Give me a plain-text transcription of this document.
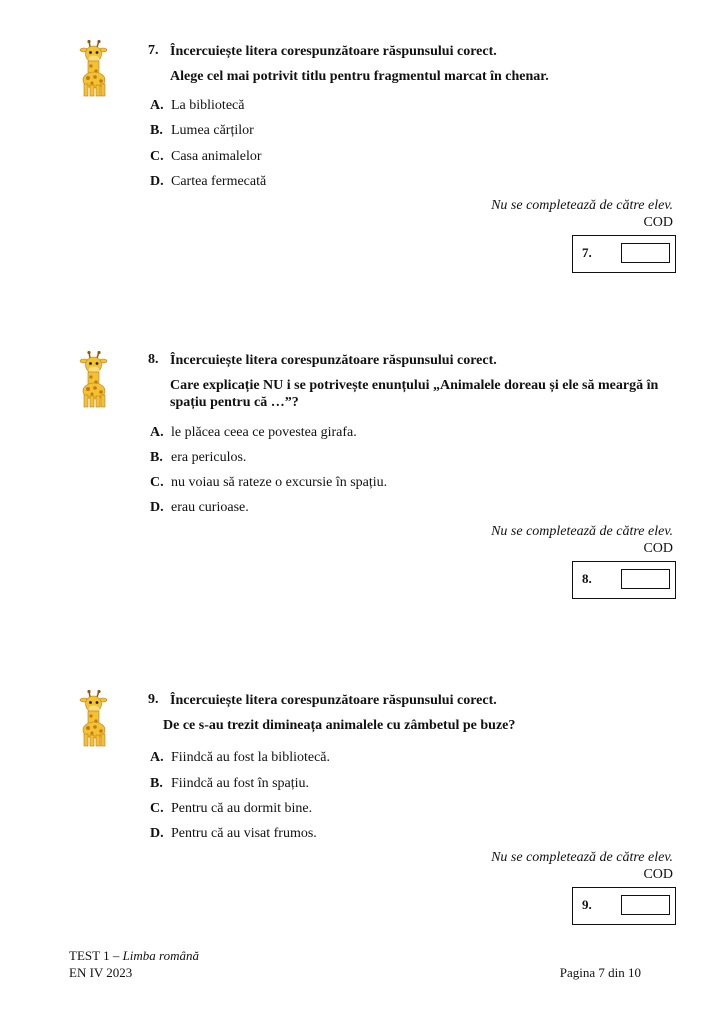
7. Încercuiește litera corespunzătoare răspunsului corect.
Alege cel mai potrivit titlu pentru fragmentul marcat în chenar.
A. La bibliotecă
B. Lumea cărților
C. Casa animalelor
D. Cartea fermecată
Nu se completează de către elev.
COD
7.
8. Încercuiește litera corespunzătoare răspunsului corect.
Care explicație NU i se potrivește enunțului „Animalele doreau și ele să meargă în spațiu pentru că …”?
A. le plăcea ceea ce povestea girafa.
B. era periculos.
C. nu voiau să rateze o excursie în spațiu.
D. erau curioase.
Nu se completează de către elev.
COD
8.
9. Încercuiește litera corespunzătoare răspunsului corect.
De ce s-au trezit dimineața animalele cu zâmbetul pe buze?
A. Fiindcă au fost la bibliotecă.
B. Fiindcă au fost în spațiu.
C. Pentru că au dormit bine.
D. Pentru că au visat frumos.
Nu se completează de către elev.
COD
9.
TEST 1 – Limba română
EN IV 2023	Pagina 7 din 10
